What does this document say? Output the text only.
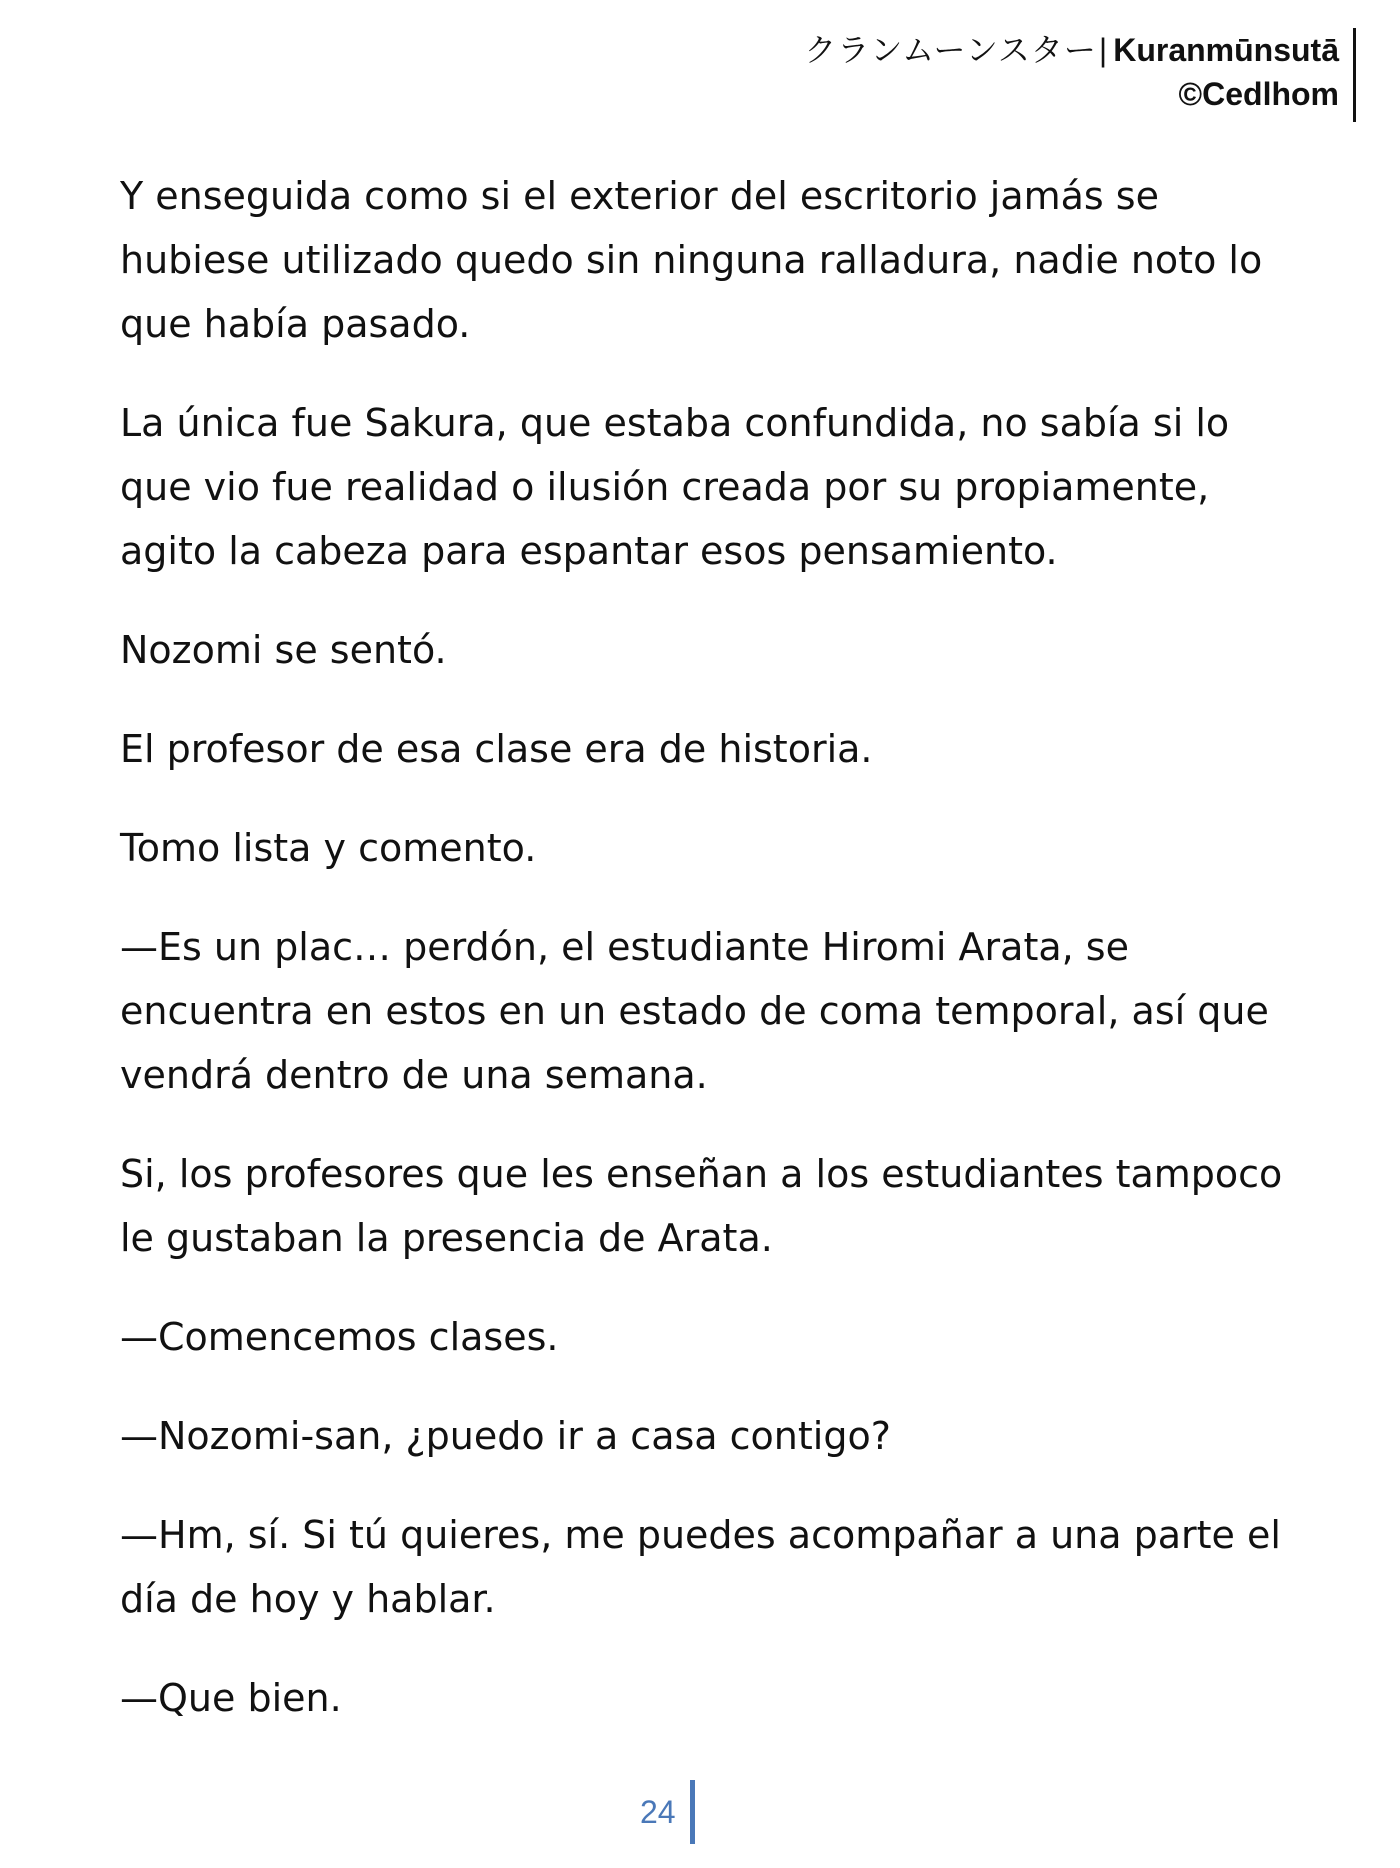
クランムーンスター| Kuranmūnsutā
©Cedlhom

Y enseguida como si el exterior del escritorio jamás se hubiese utilizado quedo sin ninguna ralladura, nadie noto lo que había pasado.

La única fue Sakura, que estaba confundida, no sabía si lo que vio fue realidad o ilusión creada por su propiamente, agito la cabeza para espantar esos pensamiento.

Nozomi se sentó.

El profesor de esa clase era de historia.

Tomo lista y comento.

—Es un plac… perdón, el estudiante Hiromi Arata, se encuentra en estos en un estado de coma temporal, así que vendrá dentro de una semana.

Si, los profesores que les enseñan a los estudiantes tampoco le gustaban la presencia de Arata.

—Comencemos clases.

—Nozomi-san, ¿puedo ir a casa contigo?

—Hm, sí. Si tú quieres, me puedes acompañar a una parte el día de hoy y hablar.

—Que bien.

24
